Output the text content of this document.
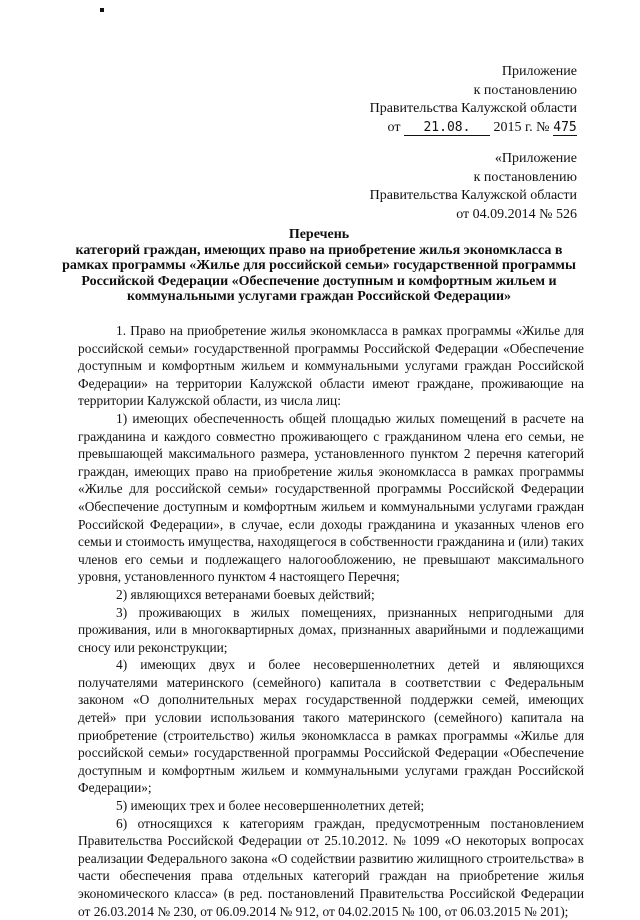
Приложение
к постановлению
Правительства Калужской области
от 21.08. 2015 г. № 475
«Приложение
к постановлению
Правительства Калужской области
от 04.09.2014 № 526
Перечень
категорий граждан, имеющих право на приобретение жилья экономкласса в рамках программы «Жилье для российской семьи» государственной программы Российской Федерации «Обеспечение доступным и комфортным жильем и коммунальными услугами граждан Российской Федерации»

1. Право на приобретение жилья экономкласса в рамках программы «Жилье для российской семьи» государственной программы Российской Федерации «Обеспечение доступным и комфортным жильем и коммунальными услугами граждан Российской Федерации» на территории Калужской области имеют граждане, проживающие на территории Калужской области, из числа лиц:

1) имеющих обеспеченность общей площадью жилых помещений в расчете на гражданина и каждого совместно проживающего с гражданином члена его семьи, не превышающей максимального размера, установленного пунктом 2 перечня категорий граждан, имеющих право на приобретение жилья экономкласса в рамках программы «Жилье для российской семьи» государственной программы Российской Федерации «Обеспечение доступным и комфортным жильем и коммунальными услугами граждан Российской Федерации», в случае, если доходы гражданина и указанных членов его семьи и стоимость имущества, находящегося в собственности гражданина и (или) таких членов его семьи и подлежащего налогообложению, не превышают максимального уровня, установленного пунктом 4 настоящего Перечня;

2) являющихся ветеранами боевых действий;

3) проживающих в жилых помещениях, признанных непригодными для проживания, или в многоквартирных домах, признанных аварийными и подлежащими сносу или реконструкции;

4) имеющих двух и более несовершеннолетних детей и являющихся получателями материнского (семейного) капитала в соответствии с Федеральным законом «О дополнительных мерах государственной поддержки семей, имеющих детей» при условии использования такого материнского (семейного) капитала на приобретение (строительство) жилья экономкласса в рамках программы «Жилье для российской семьи» государственной программы Российской Федерации «Обеспечение доступным и комфортным жильем и коммунальными услугами граждан Российской Федерации»;

5) имеющих трех и более несовершеннолетних детей;

6) относящихся к категориям граждан, предусмотренным постановлением Правительства Российской Федерации от 25.10.2012. № 1099 «О некоторых вопросах реализации Федерального закона «О содействии развитию жилищного строительства» в части обеспечения права отдельных категорий граждан на приобретение жилья экономического класса» (в ред. постановлений Правительства Российской Федерации от 26.03.2014 № 230, от 06.09.2014 № 912, от 04.02.2015 № 100, от 06.03.2015 № 201);
